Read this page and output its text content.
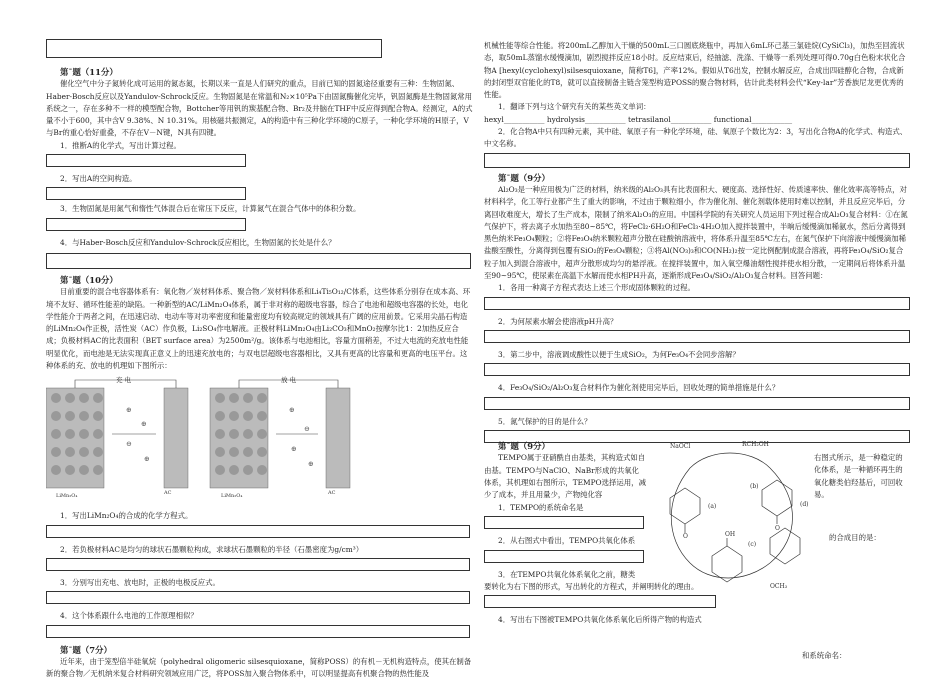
第¯题（11分）

催化空气中分子氮转化成可运用的氮态氮，长期以来一直是人们研究的重点，目前已知的固氮途径重要有三种：生物固氮、Haber-Bosch反应以及Yandulov-Schrock反应。生物固氮是在常温和N₂×10⁵Pa下由固氮酶催化完毕，钒固氮酶是生物固氮常用系统之一，存在多种不一样的模型配合物，Bottcher等用钒的羰基配合物、Br₂及井脑在THF中反应得到配合物A。经测定，A的式量不小于600，其中含V 9.38%、N 10.31%。用核磁共振测定，A的构造中有三种化学环境的C原子，一种化学环境的H原子，V与Br的重心恰好重叠，不存在V－N键，N具有四键。

1．推断A的化学式，写出计算过程。

2．写出A的空间构造。

3．生物固氮是用氮气和惰性气体混合后在常压下反应，计算氮气在混合气体中的体积分数。

4．与Haber-Bosch反应和Yandulov-Schrock反应相比，生物固氮的长处是什么？

第¯题（10分）

目前重要的混合电容器体系有：氧化物／炭材料体系、聚合物／炭材料体系和Li₄Ti₅O₁₂/C体系，这些体系分别存在成本高、环境不友好、循环性能差的缺陷。一种新型的AC/LiMn₂O₄体系，属于非对称的超级电容器，综合了电池和超级电容器的长处，电化学性能介于两者之间，在迅速启动、电动车等对功率密度和能量密度均有较高规定的领域具有广阔的应用前景。它采用尖晶石构造的LiMn₂O₄作正极，活性炭（AC）作负极，Li₂SO₄作电解液。正极材料LiMn₂O₄由Li₂CO₃和MnO₂按摩尔比1：2加热反应合成；负极材料AC的比表面积（BET surface area）为2500m²/g。该体系与电池相比，容量方面稍差，不过大电流的充放电性能明显优化，而电池是无法实现真正意义上的迅速充放电的；与双电层超级电容器相比，又具有更高的比容量和更高的电压平台。这种体系的充、放电的机理如下图所示：

⊕
⊕
⊖
⊕
⊕
⊖
⊕
⊕
AC	AC
LiMn₂O₄	LiMn₂O₄
充 电	放 电

1．写出LiMn₂O₄的合成的化学方程式。

2．若负极材料AC是均匀的球状石墨颗粒构成，求球状石墨颗粒的半径（石墨密度为g/cm³）

3．分别写出充电、放电时，正极的电极反应式。

4．这个体系跟什么电池的工作原理相似？

第¯题（7分）

近年来，由于笼型倍半硅氧烷（polyhedral oligomeric silsesquioxane，简称POSS）的有机－无机构造特点，使其在制备新的聚合物／无机纳米复合材料研究领域应用广泛，将POSS加入聚合物体系中，可以明显提高有机聚合物的热性能及

机械性能等综合性能。将200mL乙醇加入干燥的500mL三口圆底烧瓶中，再加入6mL环己基三氯硅烷(CySiCl₃)，加热至回流状态，取50mL蒸馏水缓慢滴加，剧烈搅拌反应18小时。反应结束后，经抽滤、洗涤、干燥等一系列处理可得0.70g白色粉末状化合物A [hexyl(cyclohexyl)silsesquioxane，简称T6]，产率12%。假如从T6出发，控制水解反应，合成出四硅醇化合物，合成新的封闭型双官能化的T8，就可以直接制备主链含笼型构造POSS的聚合物材料，估计此类材料会代“Key-lar”芳香族尼龙更优秀的性能。

1．翻译下列与这个研究有关的某些英文单词：

hexyl___________ hydrolysis___________ tetrasilanol___________ functional___________

2．化合物A中只有四种元素，其中硅、氧原子有一种化学环境，硅、氧原子个数比为2：3，写出化合物A的化学式、构造式、中文名称。

第¯题（9分）

Al₂O₃是一种应用极为广泛的材料，纳米级的Al₂O₃具有比表面积大、硬度高、选择性好、传质速率快、催化效率高等特点，对材料科学，化工等行业都产生了重大的影响，不过由于颗粒细小，作为催化剂、催化剂载体使用时难以控制，并且反应完毕后，分离回收难度大，增长了生产成本，限制了纳米Al₂O₃的应用。中国科学院的有关研究人员运用下列过程合成Al₂O₃复合材料：①在氮气保护下，将去离子水加热至80~85℃，将FeCl₂·6H₂O和FeCl₃·4H₂O加入搅拌装置中，半晌后缓慢滴加稀氨水，然后分离得到黑色纳米Fe₃O₄颗粒；②将Fe₃O₄纳米颗粒超声分散在硅酸钠溶液中，将体系升温至85℃左右，在氮气保护下向溶液中缓慢滴加稀盐酸至酸性，分离得到包覆有SiO₂的Fe₃O₄颗粒；③将Al(NO₃)₃和CO(NH₂)₂按一定比例配制成混合溶液，再将Fe₃O₄/SiO₂复合粒子加入到混合溶液中，超声分散形成均匀的悬浮液。在搅拌装置中，加入氧空爆油烟性搅拌使水相分散，一定期间后将体系升温至90~95℃，使尿素在高温下水解而使水相PH升高，逐渐形成Fe₃O₄/SiO₂/Al₂O₃复合材料。回答问题：

1．各用一种离子方程式表达上述三个形成固体颗粒的过程。

2．为何尿素水解会使溶液pH升高？

3．第二步中，溶液调成酸性以便于生成SiO₂，为何Fe₃O₄不会同步溶解？

4．Fe₃O₄/SiO₂/Al₂O₃复合材料作为催化剂使用完毕后，回收处理的简单措施是什么？

5．氮气保护的目的是什么？

第¯题（9分）

TEMPO属于亚硝酰自由基类，其构造式如自由基。TEMPO与NaClO、NaBr形成的共氧化体系，其机理如右图所示，TEMPO选择运用，减少了成本，并且用量少，产物纯化容

右图式所示，是一种稳定的化体系，是一种循环再生的氧化糖类伯羟基后，可回收易。

NaOCl	RCH₂OH
(a)
(b)
(c)
(d)
OCH₃
O
O
OH

1．TEMPO的系统命名是

2．从右图式中看出，TEMPO共氧化体系	的合成目的是：

3．在TEMPO共氧化体系氧化之前，糖类

要转化为右下图的形式，写出转化的方程式，并阐明转化的理由。

4．写出右下图被TEMPO共氧化体系氧化后所得产物的构造式

和系统命名：
